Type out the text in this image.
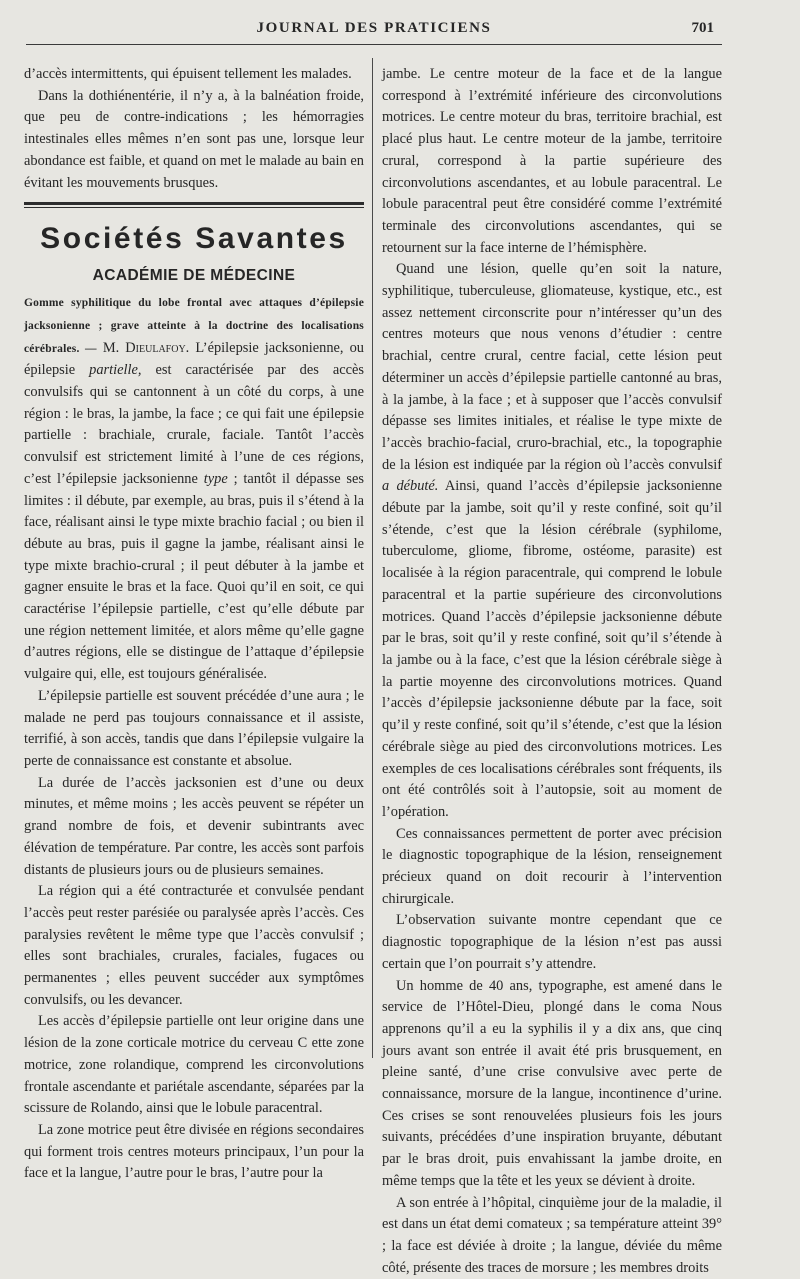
JOURNAL DES PRATICIENS	701

d’accès intermittents, qui épuisent tellement les malades.

Dans la dothiénentérie, il n’y a, à la balnéation froide, que peu de contre-indications ; les hémorragies intestinales elles mêmes n’en sont pas une, lorsque leur abondance est faible, et quand on met le malade au bain en évitant les mouvements brusques.

Sociétés Savantes
ACADÉMIE DE MÉDECINE

Gomme syphilitique du lobe frontal avec attaques d’épilepsie jacksonienne ; grave atteinte à la doctrine des localisations cérébrales. — M. Dieulafoy. L’épilepsie jacksonienne, ou épilepsie partielle, est caractérisée par des accès convulsifs qui se cantonnent à un côté du corps, à une région : le bras, la jambe, la face ; ce qui fait une épilepsie partielle : brachiale, crurale, faciale. Tantôt l’accès convulsif est strictement limité à l’une de ces régions, c’est l’épilepsie jacksonienne type ; tantôt il dépasse ses limites : il débute, par exemple, au bras, puis il s’étend à la face, réalisant ainsi le type mixte brachio facial ; ou bien il débute au bras, puis il gagne la jambe, réalisant ainsi le type mixte brachio-crural ; il peut débuter à la jambe et gagner ensuite le bras et la face. Quoi qu’il en soit, ce qui caractérise l’épilepsie partielle, c’est qu’elle débute par une région nettement limitée, et alors même qu’elle gagne d’autres régions, elle se distingue de l’attaque d’épilepsie vulgaire qui, elle, est toujours généralisée.

L’épilepsie partielle est souvent précédée d’une aura ; le malade ne perd pas toujours connaissance et il assiste, terrifié, à son accès, tandis que dans l’épilepsie vulgaire la perte de connaissance est constante et absolue.

La durée de l’accès jacksonien est d’une ou deux minutes, et même moins ; les accès peuvent se répéter un grand nombre de fois, et devenir subintrants avec élévation de température. Par contre, les accès sont parfois distants de plusieurs jours ou de plusieurs semaines.

La région qui a été contracturée et convulsée pendant l’accès peut rester parésiée ou paralysée après l’accès. Ces paralysies revêtent le même type que l’accès convulsif ; elles sont brachiales, crurales, faciales, fugaces ou permanentes ; elles peuvent succéder aux symptômes convulsifs, ou les devancer.

Les accès d’épilepsie partielle ont leur origine dans une lésion de la zone corticale motrice du cerveau C ette zone motrice, zone rolandique, comprend les circonvolutions frontale ascendante et pariétale ascendante, séparées par la scissure de Rolando, ainsi que le lobule paracentral.

La zone motrice peut être divisée en régions secondaires qui forment trois centres moteurs principaux, l’un pour la face et la langue, l’autre pour le bras, l’autre pour la

jambe. Le centre moteur de la face et de la langue correspond à l’extrémité inférieure des circonvolutions motrices. Le centre moteur du bras, territoire brachial, est placé plus haut. Le centre moteur de la jambe, territoire crural, correspond à la partie supérieure des circonvolutions ascendantes, et au lobule paracentral. Le lobule paracentral peut être considéré comme l’extrémité terminale des circonvolutions ascendantes, qui se retournent sur la face interne de l’hémisphère.

Quand une lésion, quelle qu’en soit la nature, syphilitique, tuberculeuse, gliomateuse, kystique, etc., est assez nettement circonscrite pour n’intéresser qu’un des centres moteurs que nous venons d’étudier : centre brachial, centre crural, centre facial, cette lésion peut déterminer un accès d’épilepsie partielle cantonné au bras, à la jambe, à la face ; et à supposer que l’accès convulsif dépasse ses limites initiales, et réalise le type mixte de l’accès brachio-facial, cruro-brachial, etc., la topographie de la lésion est indiquée par la région où l’accès convulsif a débuté. Ainsi, quand l’accès d’épilepsie jacksonienne débute par la jambe, soit qu’il y reste confiné, soit qu’il s’étende, c’est que la lésion cérébrale (syphilome, tuberculome, gliome, fibrome, ostéome, parasite) est localisée à la région paracentrale, qui comprend le lobule paracentral et la partie supérieure des circonvolutions motrices. Quand l’accès d’épilepsie jacksonienne débute par le bras, soit qu’il y reste confiné, soit qu’il s’étende à la jambe ou à la face, c’est que la lésion cérébrale siège à la partie moyenne des circonvolutions motrices. Quand l’accès d’épilepsie jacksonienne débute par la face, soit qu’il y reste confiné, soit qu’il s’étende, c’est que la lésion cérébrale siège au pied des circonvolutions motrices. Les exemples de ces localisations cérébrales sont fréquents, ils ont été contrôlés soit à l’autopsie, soit au moment de l’opération.

Ces connaissances permettent de porter avec précision le diagnostic topographique de la lésion, renseignement précieux quand on doit recourir à l’intervention chirurgicale.

L’observation suivante montre cependant que ce diagnostic topographique de la lésion n’est pas aussi certain que l’on pourrait s’y attendre.

Un homme de 40 ans, typographe, est amené dans le service de l’Hôtel-Dieu, plongé dans le coma Nous apprenons qu’il a eu la syphilis il y a dix ans, que cinq jours avant son entrée il avait été pris brusquement, en pleine santé, d’une crise convulsive avec perte de connaissance, morsure de la langue, incontinence d’urine. Ces crises se sont renouvelées plusieurs fois les jours suivants, précédées d’une inspiration bruyante, débutant par le bras droit, puis envahissant la jambe droite, en même temps que la tête et les yeux se dévient à droite.

A son entrée à l’hôpital, cinquième jour de la maladie, il est dans un état demi comateux ; sa température atteint 39° ; la face est déviée à droite ; la langue, déviée du même côté, présente des traces de morsure ; les membres droits
